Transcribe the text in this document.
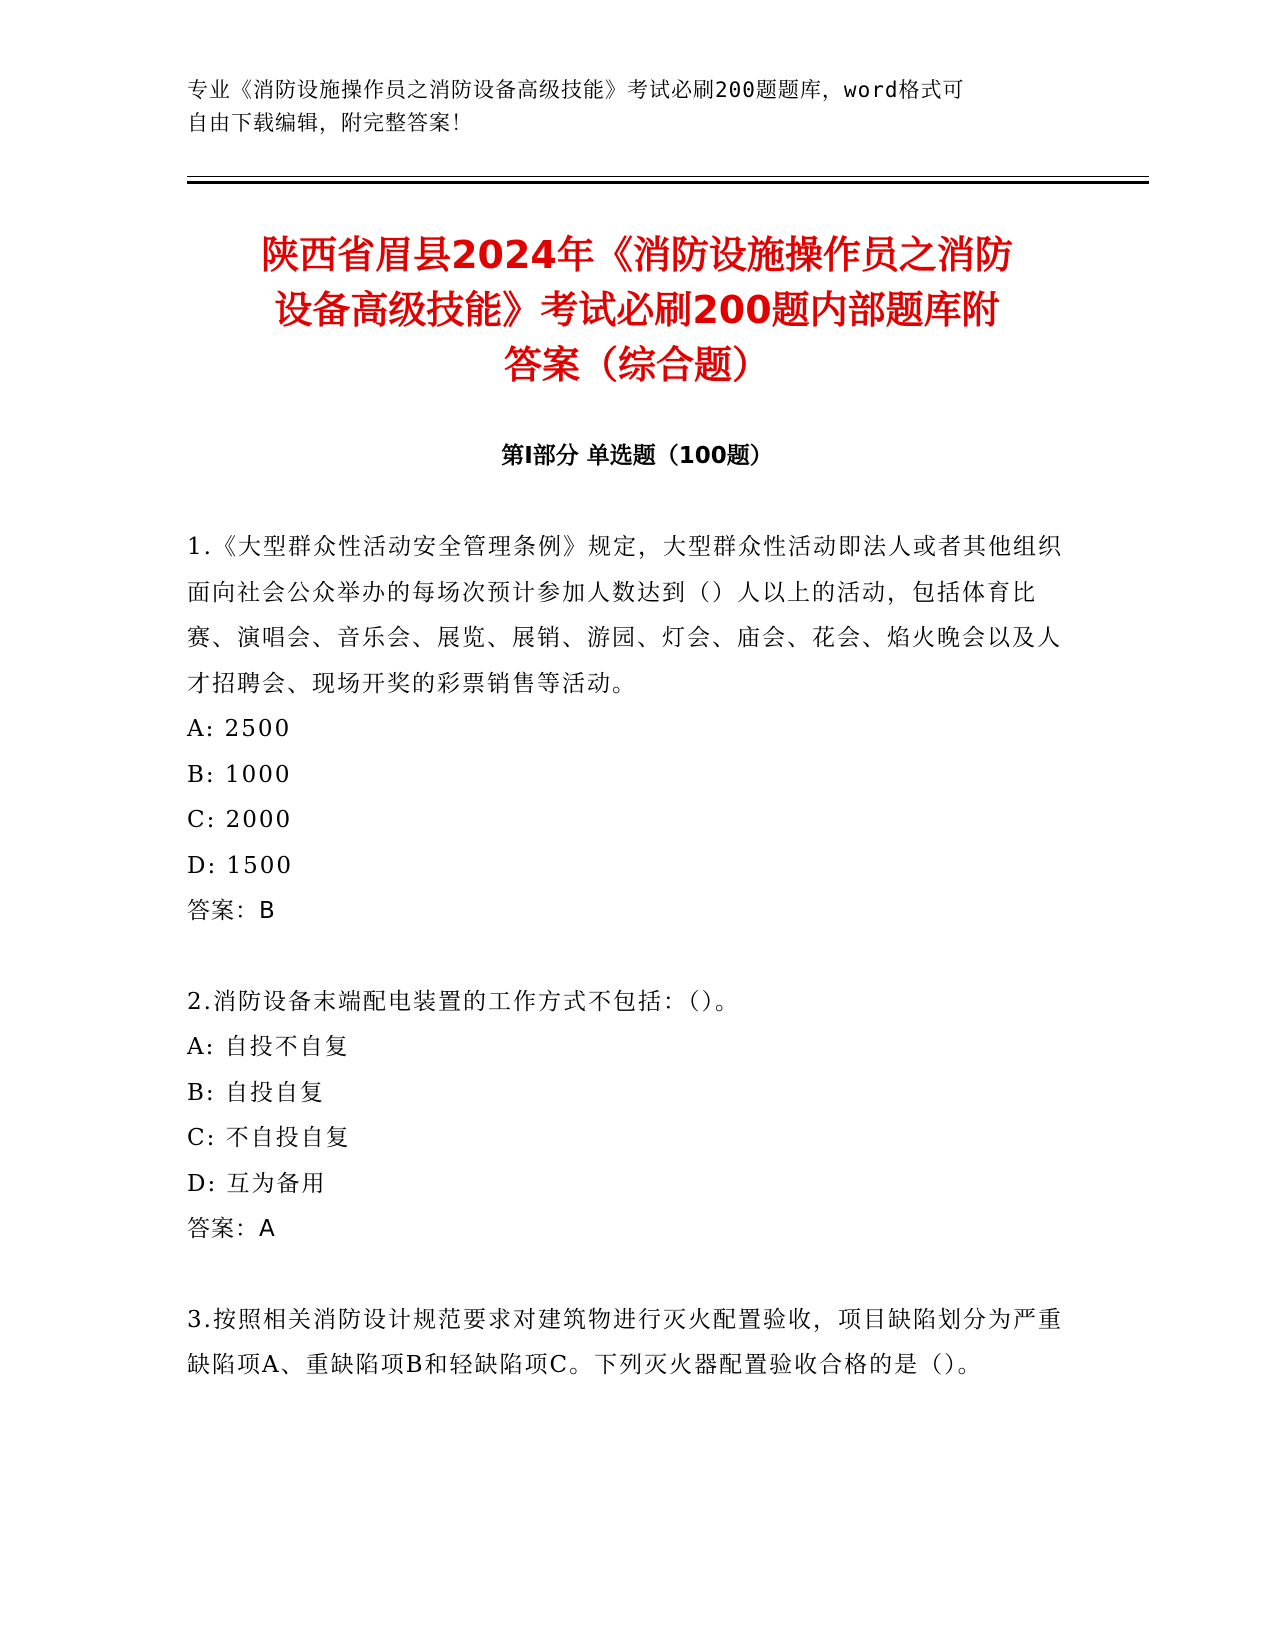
专业《消防设施操作员之消防设备高级技能》考试必刷200题题库，word格式可
自由下载编辑，附完整答案！
陕西省眉县2024年《消防设施操作员之消防
设备高级技能》考试必刷200题内部题库附
答案（综合题）
第Ⅰ部分 单选题（100题）

1.《大型群众性活动安全管理条例》规定，大型群众性活动即法人或者其他组织面向社会公众举办的每场次预计参加人数达到（）人以上的活动，包括体育比赛、演唱会、音乐会、展览、展销、游园、灯会、庙会、花会、焰火晚会以及人才招聘会、现场开奖的彩票销售等活动。

A: 2500

B: 1000

C: 2000

D: 1500

答案：B

2.消防设备末端配电装置的工作方式不包括：（）。

A: 自投不自复

B: 自投自复

C: 不自投自复

D: 互为备用

答案：A

3.按照相关消防设计规范要求对建筑物进行灭火配置验收，项目缺陷划分为严重缺陷项A、重缺陷项B和轻缺陷项C。下列灭火器配置验收合格的是（）。
